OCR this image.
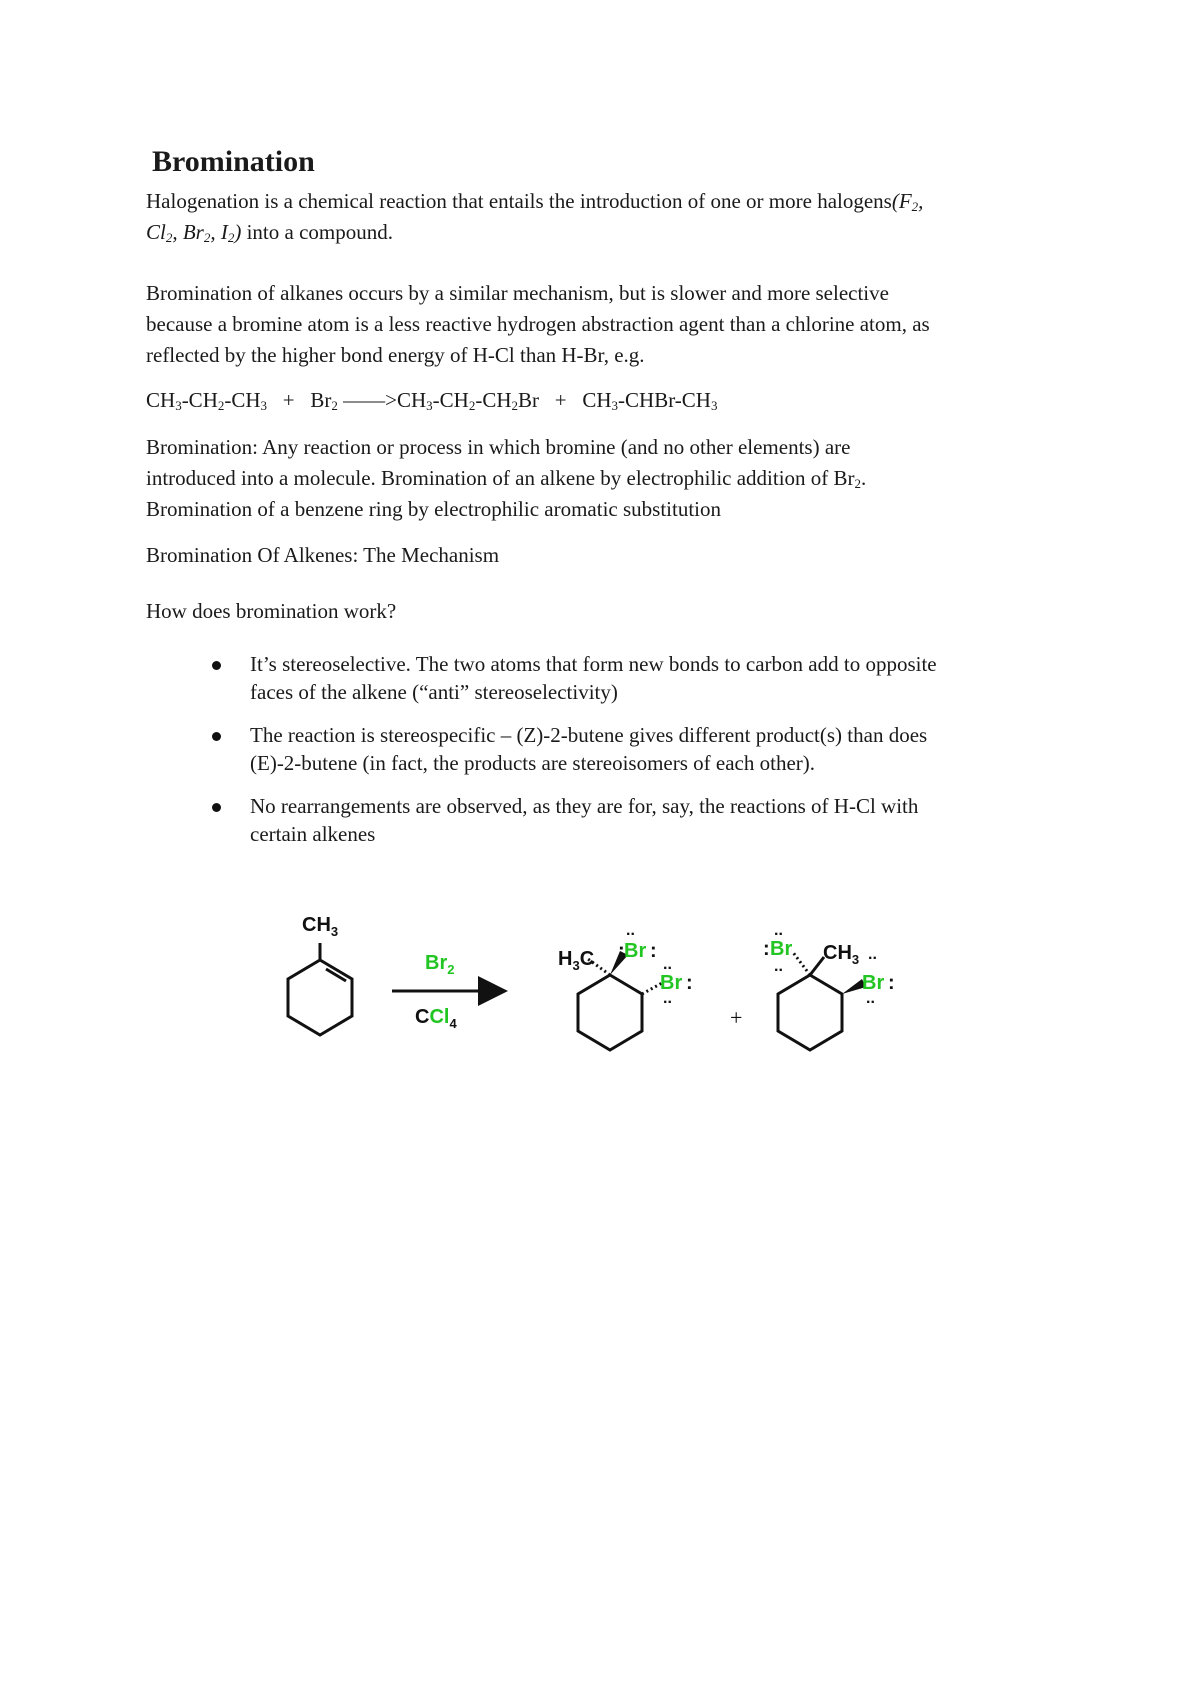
Bromination

Halogenation is a chemical reaction that entails the introduction of one or more $halogens(F_2$,
$Cl_2$, $Br_2$, $I_2$) into a compound.

Bromination of alkanes occurs by a similar mechanism, but is slower and more selective
because a bromine atom is a less reactive hydrogen abstraction agent than a chlorine atom, as
reflected by the higher bond energy of H-Cl than H-Br, e.g.

$CH_3-CH_2-CH_3 + Br_2$ $——>CH_3-CH_2-CH_2Br$ + $CH_3-CHBr-CH_3$

Bromination: Any reaction or process in which bromine (and no other elements) are
introduced into a molecule. Bromination of an alkene by electrophilic addition of $Br_2$.
Bromination of a benzene ring by electrophilic aromatic substitution

Bromination Of Alkenes: The Mechanism

How does bromination work?

It’s stereoselective. The two atoms that form new bonds to carbon add to opposite
faces of the alkene (“anti” stereoselectivity)
The reaction is stereospecific – (Z)-2-butene gives different product(s) than does
(E)-2-butene (in fact, the products are stereoisomers of each other).
No rearrangements are observed, as they are for, say, the reactions of H-Cl with
certain alkenes
$CH_3$
$Br_2$
CCl$_4$
$H_3C$ : Br :
..
Br :
..
..
+
: Br
..
..
$CH_3$ ..
Br :
..
